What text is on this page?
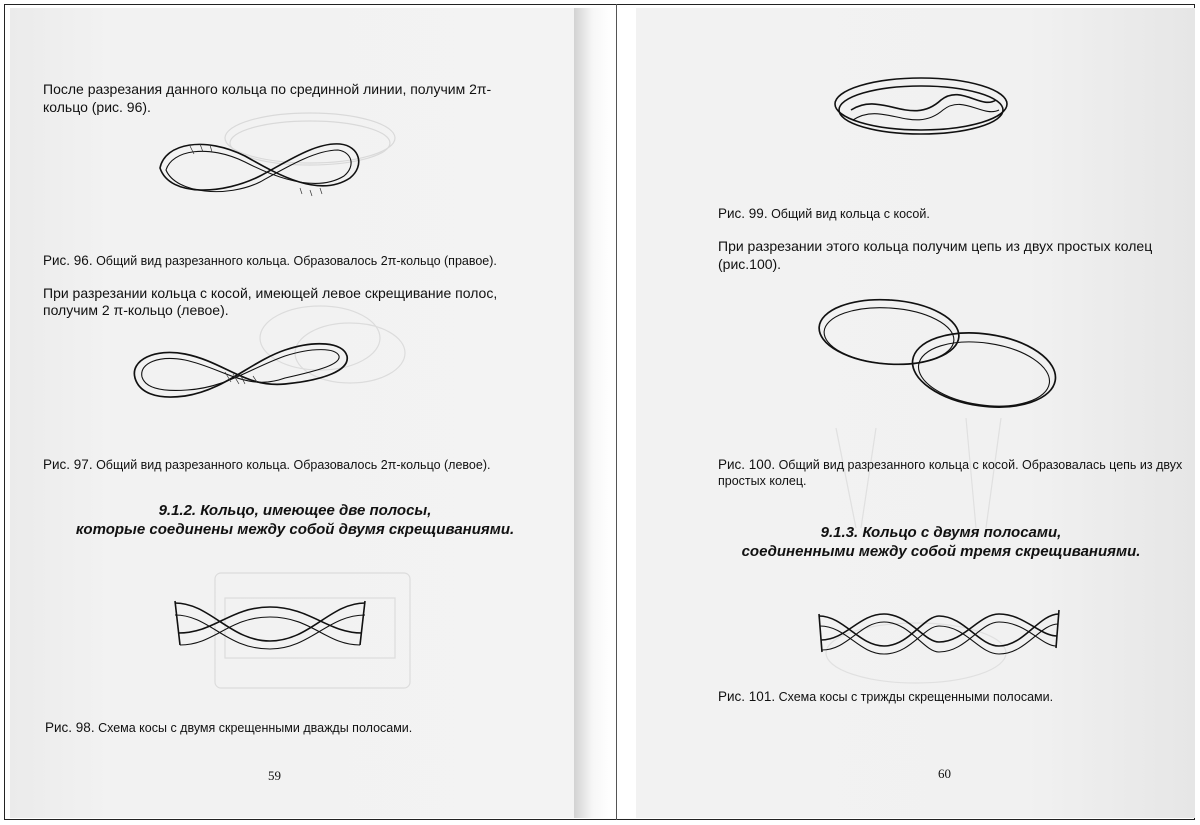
После разрезания данного кольца по срединной линии, получим 2π-

кольцо (рис. 96).

Рис. 96. Общий вид разрезанного кольца. Образовалось 2π-кольцо (правое).

При разрезании кольца с косой, имеющей левое скрещивание полос,

получим 2 π-кольцо (левое).

Рис. 97. Общий вид разрезанного кольца. Образовалось 2π-кольцо (левое).

9.1.2. Кольцо, имеющее две полосы,

которые соединены между собой двумя скрещиваниями.

Рис. 98. Схема косы с двумя скрещенными дважды полосами.

59

Рис. 99. Общий вид кольца с косой.

При разрезании этого кольца получим цепь из двух простых колец

(рис.100).

Рис. 100. Общий вид разрезанного кольца с косой. Образовалась цепь из двух

простых колец.

9.1.3. Кольцо с двумя полосами,

соединенными между собой тремя скрещиваниями.

Рис. 101. Схема косы с трижды скрещенными полосами.

60
